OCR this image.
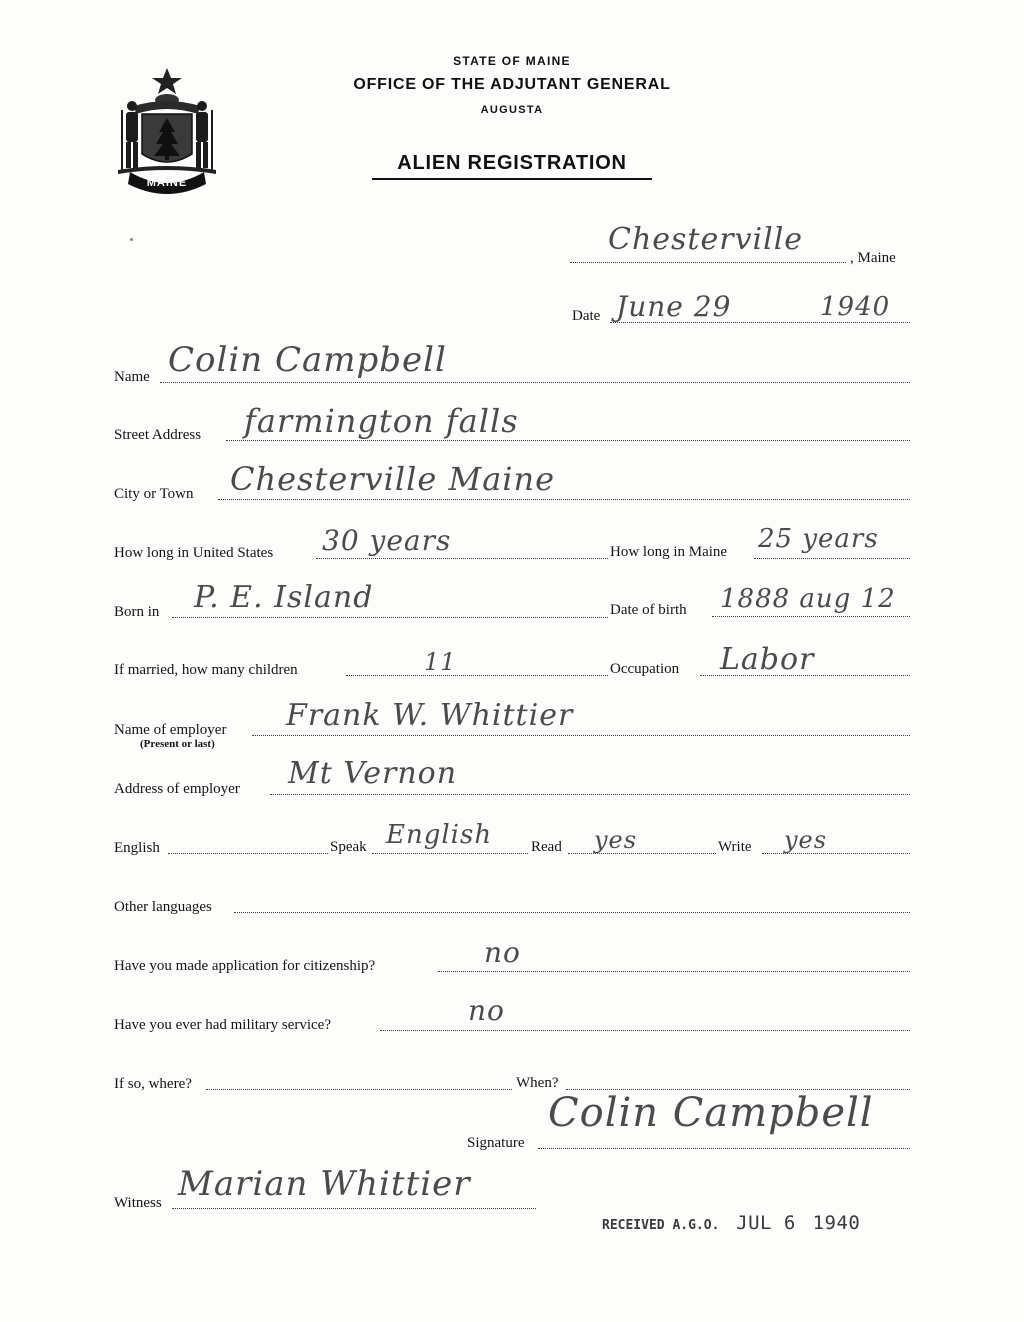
MAINE
STATE OF MAINE
OFFICE OF THE ADJUTANT GENERAL
AUGUSTA
ALIEN REGISTRATION
Chesterville
, Maine
Date June 29	1940
Name Colin Campbell
Street Address farmington falls
City or Town Chesterville Maine
How long in United States 30 years	How long in Maine 25 years
Born in P. E. Island	Date of birth 1888 aug 12
If married, how many children	11	Occupation Labor
Name of employer
(Present or last)
Frank W. Whittier
Address of employer Mt Vernon
English	Speak English	Read yes	Write yes
Other languages
Have you made application for citizenship?	no
Have you ever had military service?	no
If so, where?	When?
Signature
Colin Campbell
Witness Marian Whittier
RECEIVED A.G.O. JUL 6 1940
